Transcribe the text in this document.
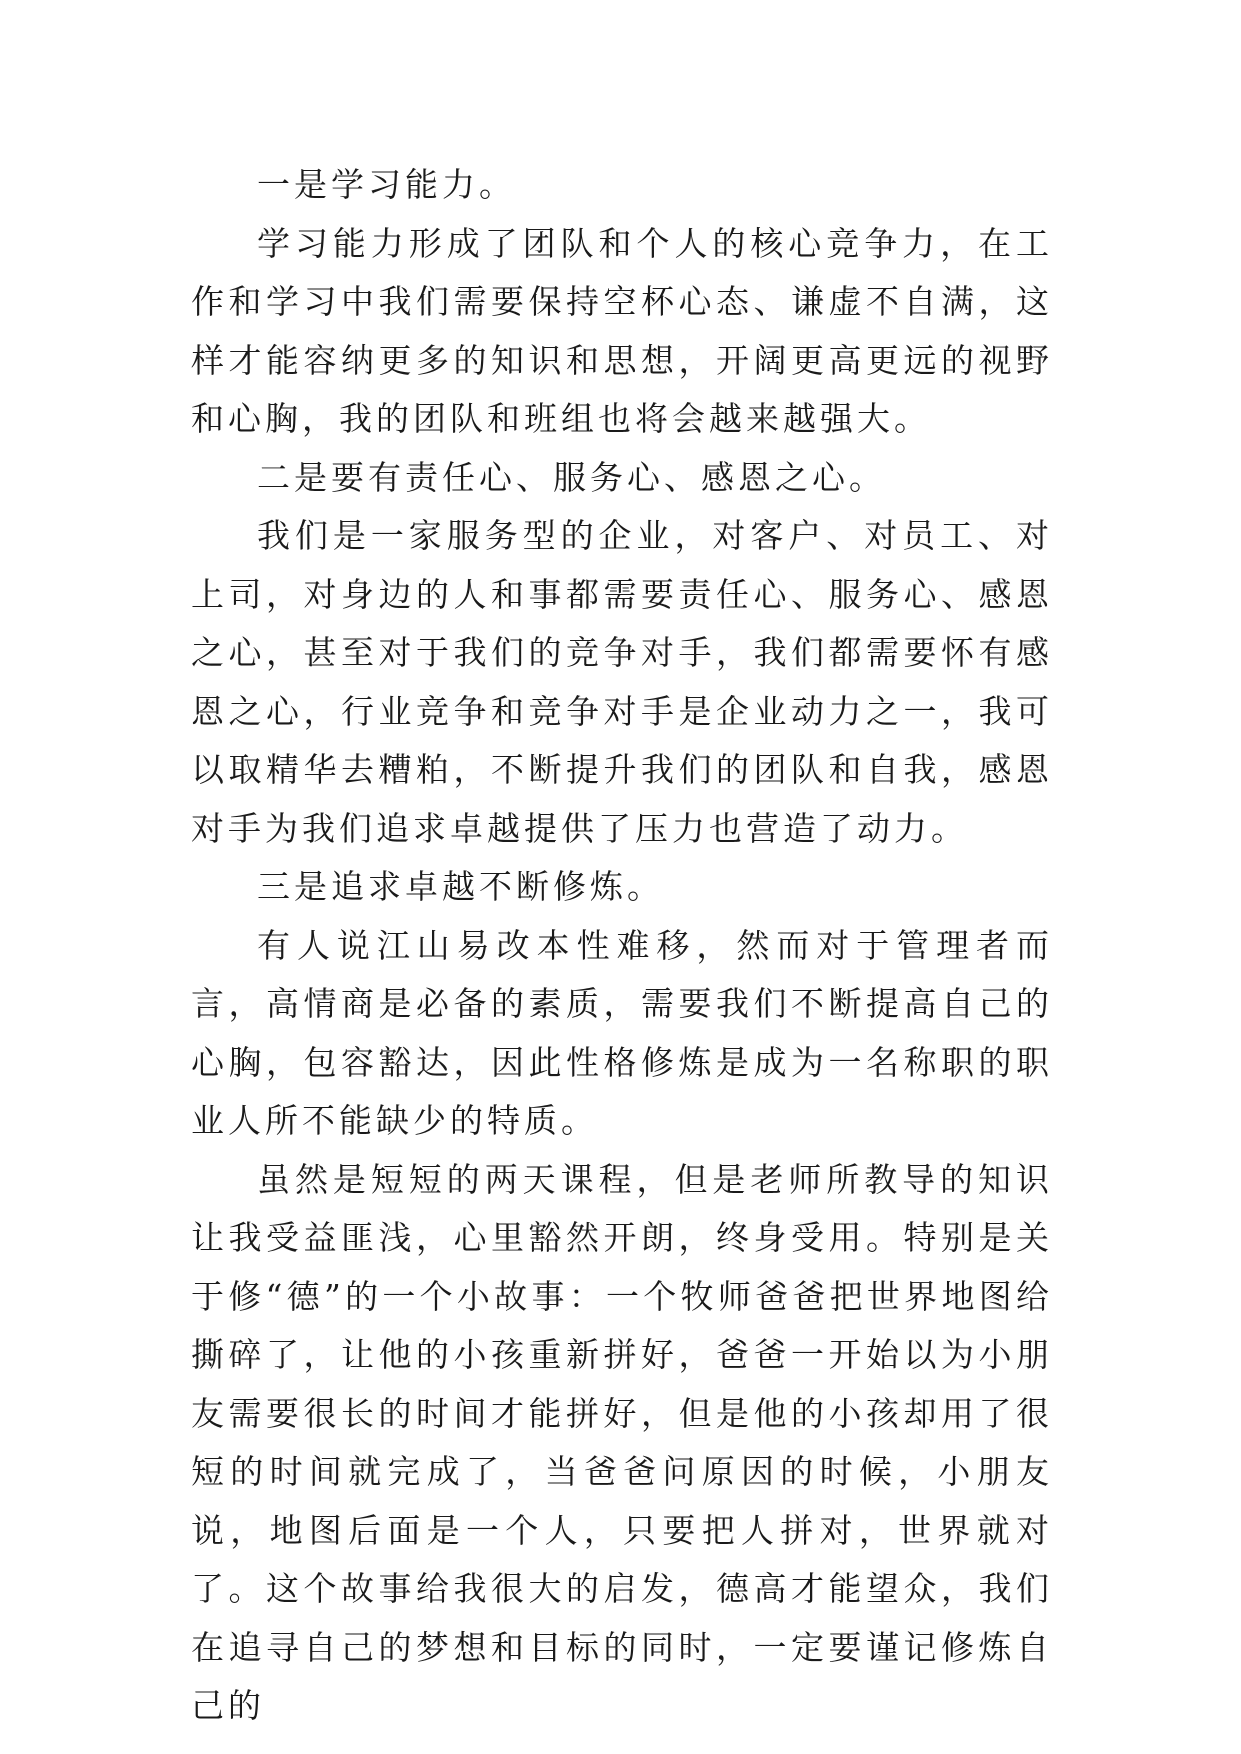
一是学习能力。

学习能力形成了团队和个人的核心竞争力，在工作和学习中我们需要保持空杯心态、谦虚不自满，这样才能容纳更多的知识和思想，开阔更高更远的视野和心胸，我的团队和班组也将会越来越强大。

二是要有责任心、服务心、感恩之心。

我们是一家服务型的企业，对客户、对员工、对上司，对身边的人和事都需要责任心、服务心、感恩之心，甚至对于我们的竞争对手，我们都需要怀有感恩之心，行业竞争和竞争对手是企业动力之一，我可以取精华去糟粕，不断提升我们的团队和自我，感恩对手为我们追求卓越提供了压力也营造了动力。

三是追求卓越不断修炼。

有人说江山易改本性难移，然而对于管理者而言，高情商是必备的素质，需要我们不断提高自己的心胸，包容豁达，因此性格修炼是成为一名称职的职业人所不能缺少的特质。

虽然是短短的两天课程，但是老师所教导的知识让我受益匪浅，心里豁然开朗，终身受用。特别是关于修“德”的一个小故事：一个牧师爸爸把世界地图给撕碎了，让他的小孩重新拼好，爸爸一开始以为小朋友需要很长的时间才能拼好，但是他的小孩却用了很短的时间就完成了，当爸爸问原因的时候，小朋友说，地图后面是一个人，只要把人拼对，世界就对了。这个故事给我很大的启发，德高才能望众，我们在追寻自己的梦想和目标的同时，一定要谨记修炼自己的
